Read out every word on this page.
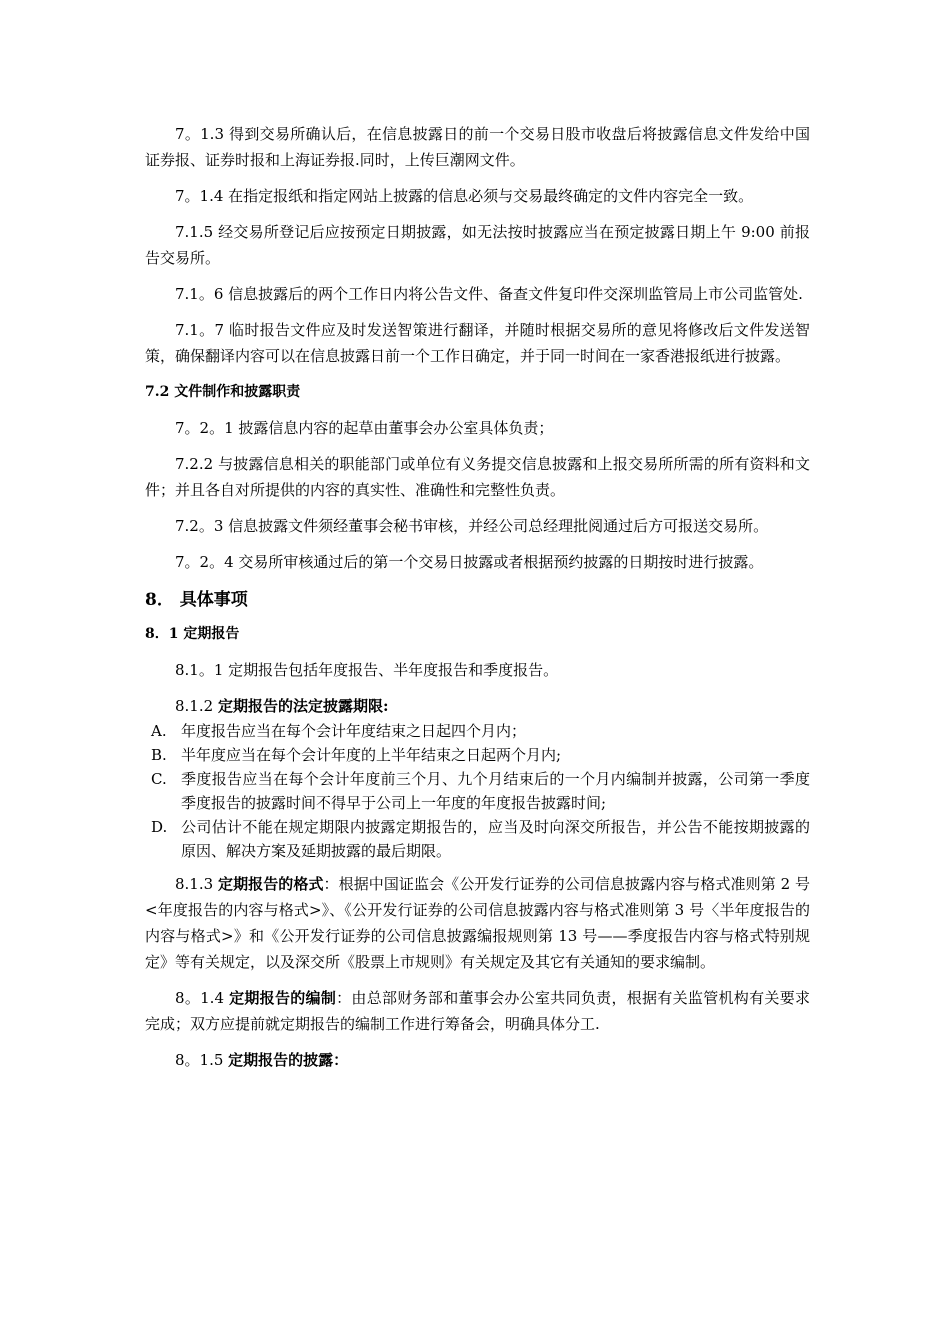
7。1.3 得到交易所确认后，在信息披露日的前一个交易日股市收盘后将披露信息文件发给中国证券报、证券时报和上海证券报.同时，上传巨潮网文件。

7。1.4 在指定报纸和指定网站上披露的信息必须与交易最终确定的文件内容完全一致。

7.1.5 经交易所登记后应按预定日期披露，如无法按时披露应当在预定披露日期上午 9:00 前报告交易所。

7.1。6 信息披露后的两个工作日内将公告文件、备查文件复印件交深圳监管局上市公司监管处.

7.1。7 临时报告文件应及时发送智策进行翻译，并随时根据交易所的意见将修改后文件发送智策，确保翻译内容可以在信息披露日前一个工作日确定，并于同一时间在一家香港报纸进行披露。

7.2 文件制作和披露职责

7。2。1 披露信息内容的起草由董事会办公室具体负责；

7.2.2 与披露信息相关的职能部门或单位有义务提交信息披露和上报交易所所需的所有资料和文件；并且各自对所提供的内容的真实性、准确性和完整性负责。

7.2。3 信息披露文件须经董事会秘书审核，并经公司总经理批阅通过后方可报送交易所。

7。2。4 交易所审核通过后的第一个交易日披露或者根据预约披露的日期按时进行披露。

8． 具体事项
8．1 定期报告

8.1。1 定期报告包括年度报告、半年度报告和季度报告。

8.1.2 定期报告的法定披露期限:

A. 年度报告应当在每个会计年度结束之日起四个月内；
B. 半年度应当在每个会计年度的上半年结束之日起两个月内;
C. 季度报告应当在每个会计年度前三个月、九个月结束后的一个月内编制并披露，公司第一季度季度报告的披露时间不得早于公司上一年度的年度报告披露时间;
D. 公司估计不能在规定期限内披露定期报告的，应当及时向深交所报告，并公告不能按期披露的原因、解决方案及延期披露的最后期限。

8.1.3 定期报告的格式：根据中国证监会《公开发行证券的公司信息披露内容与格式准则第 2 号<年度报告的内容与格式>》、《公开发行证券的公司信息披露内容与格式准则第 3 号〈半年度报告的内容与格式>》和《公开发行证券的公司信息披露编报规则第 13 号——季度报告内容与格式特别规定》等有关规定，以及深交所《股票上市规则》有关规定及其它有关通知的要求编制。

8。1.4 定期报告的编制：由总部财务部和董事会办公室共同负责，根据有关监管机构有关要求完成；双方应提前就定期报告的编制工作进行筹备会，明确具体分工.

8。1.5 定期报告的披露：
